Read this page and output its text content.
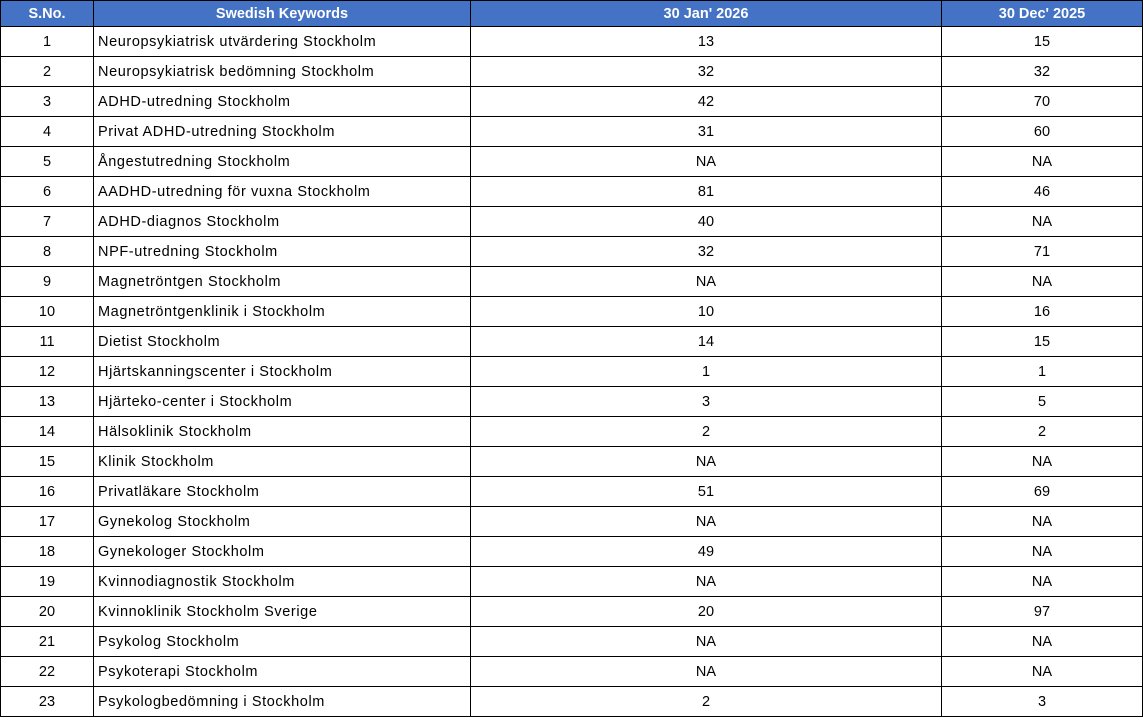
S.No.	Swedish Keywords	30 Jan' 2026	30 Dec' 2025
1	Neuropsykiatrisk utvärdering Stockholm	13	15
2	Neuropsykiatrisk bedömning Stockholm	32	32
3	ADHD-utredning Stockholm	42	70
4	Privat ADHD-utredning Stockholm	31	60
5	Ångestutredning Stockholm	NA	NA
6	AADHD-utredning för vuxna Stockholm	81	46
7	ADHD-diagnos Stockholm	40	NA
8	NPF-utredning Stockholm	32	71
9	Magnetröntgen Stockholm	NA	NA
10	Magnetröntgenklinik i Stockholm	10	16
11	Dietist Stockholm	14	15
12	Hjärtskanningscenter i Stockholm	1	1
13	Hjärteko-center i Stockholm	3	5
14	Hälsoklinik Stockholm	2	2
15	Klinik Stockholm	NA	NA
16	Privatläkare Stockholm	51	69
17	Gynekolog Stockholm	NA	NA
18	Gynekologer Stockholm	49	NA
19	Kvinnodiagnostik Stockholm	NA	NA
20	Kvinnoklinik Stockholm Sverige	20	97
21	Psykolog Stockholm	NA	NA
22	Psykoterapi Stockholm	NA	NA
23	Psykologbedömning i Stockholm	2	3
